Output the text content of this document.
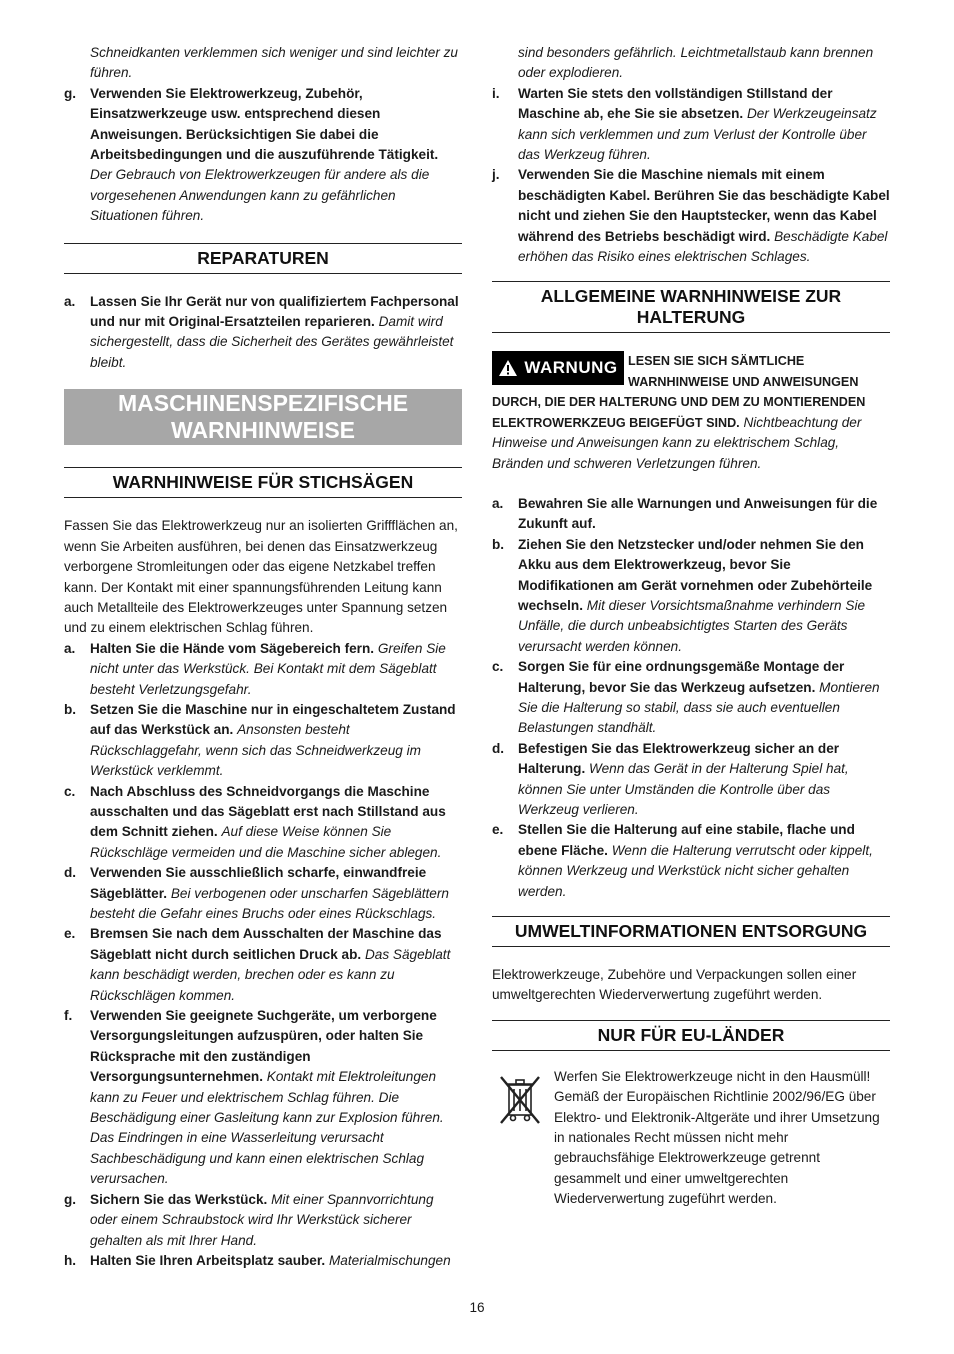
Schneidkanten verklemmen sich weniger und sind leichter zu führen.
g. Verwenden Sie Elektrowerkzeug, Zubehör, Einsatzwerkzeuge usw. entsprechend diesen Anweisungen. Berücksichtigen Sie dabei die Arbeitsbedingungen und die auszuführende Tätigkeit. Der Gebrauch von Elektrowerkzeugen für andere als die vorgesehenen Anwendungen kann zu gefährlichen Situationen führen.
REPARATUREN
a. Lassen Sie Ihr Gerät nur von qualifiziertem Fachpersonal und nur mit Original-Ersatzteilen reparieren. Damit wird sichergestellt, dass die Sicherheit des Gerätes gewährleistet bleibt.
MASCHINENSPEZIFISCHE
WARNHINWEISE
WARNHINWEISE FÜR STICHSÄGEN
Fassen Sie das Elektrowerkzeug nur an isolierten Griffflächen an, wenn Sie Arbeiten ausführen, bei denen das Einsatzwerkzeug verborgene Stromleitungen oder das eigene Netzkabel treffen kann. Der Kontakt mit einer spannungsführenden Leitung kann auch Metallteile des Elektrowerkzeuges unter Spannung setzen und zu einem elektrischen Schlag führen.
a. Halten Sie die Hände vom Sägebereich fern. Greifen Sie nicht unter das Werkstück. Bei Kontakt mit dem Sägeblatt besteht Verletzungsgefahr.
b. Setzen Sie die Maschine nur in eingeschaltetem Zustand auf das Werkstück an. Ansonsten besteht Rückschlaggefahr, wenn sich das Schneidwerkzeug im Werkstück verklemmt.
c. Nach Abschluss des Schneidvorgangs die Maschine ausschalten und das Sägeblatt erst nach Stillstand aus dem Schnitt ziehen. Auf diese Weise können Sie Rückschläge vermeiden und die Maschine sicher ablegen.
d. Verwenden Sie ausschließlich scharfe, einwandfreie Sägeblätter. Bei verbogenen oder unscharfen Sägeblättern besteht die Gefahr eines Bruchs oder eines Rückschlags.
e. Bremsen Sie nach dem Ausschalten der Maschine das Sägeblatt nicht durch seitlichen Druck ab. Das Sägeblatt kann beschädigt werden, brechen oder es kann zu Rückschlägen kommen.
f. Verwenden Sie geeignete Suchgeräte, um verborgene Versorgungsleitungen aufzuspüren, oder halten Sie Rücksprache mit den zuständigen Versorgungsunternehmen. Kontakt mit Elektroleitungen kann zu Feuer und elektrischem Schlag führen. Die Beschädigung einer Gasleitung kann zur Explosion führen. Das Eindringen in eine Wasserleitung verursacht Sachbeschädigung und kann einen elektrischen Schlag verursachen.
g. Sichern Sie das Werkstück. Mit einer Spannvorrichtung oder einem Schraubstock wird Ihr Werkstück sicherer gehalten als mit Ihrer Hand.
h. Halten Sie Ihren Arbeitsplatz sauber. Materialmischungen
sind besonders gefährlich. Leichtmetallstaub kann brennen oder explodieren.
i. Warten Sie stets den vollständigen Stillstand der Maschine ab, ehe Sie sie absetzen. Der Werkzeugeinsatz kann sich verklemmen und zum Verlust der Kontrolle über das Werkzeug führen.
j. Verwenden Sie die Maschine niemals mit einem beschädigten Kabel. Berühren Sie das beschädigte Kabel nicht und ziehen Sie den Hauptstecker, wenn das Kabel während des Betriebs beschädigt wird. Beschädigte Kabel erhöhen das Risiko eines elektrischen Schlages.
ALLGEMEINE WARNHINWEISE ZUR
HALTERUNG
WARNUNG LESEN SIE SICH SÄMTLICHE WARNHINWEISE UND ANWEISUNGEN DURCH, DIE DER HALTERUNG UND DEM ZU MONTIERENDEN ELEKTROWERKZEUG BEIGEFÜGT SIND. Nichtbeachtung der Hinweise und Anweisungen kann zu elektrischem Schlag, Bränden und schweren Verletzungen führen.
a. Bewahren Sie alle Warnungen und Anweisungen für die Zukunft auf.
b. Ziehen Sie den Netzstecker und/oder nehmen Sie den Akku aus dem Elektrowerkzeug, bevor Sie Modifikationen am Gerät vornehmen oder Zubehörteile wechseln. Mit dieser Vorsichtsmaßnahme verhindern Sie Unfälle, die durch unbeabsichtigtes Starten des Geräts verursacht werden können.
c. Sorgen Sie für eine ordnungsgemäße Montage der Halterung, bevor Sie das Werkzeug aufsetzen. Montieren Sie die Halterung so stabil, dass sie auch eventuellen Belastungen standhält.
d. Befestigen Sie das Elektrowerkzeug sicher an der Halterung. Wenn das Gerät in der Halterung Spiel hat, können Sie unter Umständen die Kontrolle über das Werkzeug verlieren.
e. Stellen Sie die Halterung auf eine stabile, flache und ebene Fläche. Wenn die Halterung verrutscht oder kippelt, können Werkzeug und Werkstück nicht sicher gehalten werden.
UMWELTINFORMATIONEN ENTSORGUNG
Elektrowerkzeuge, Zubehöre und Verpackungen sollen einer umweltgerechten Wiederverwertung zugeführt werden.
NUR FÜR EU-LÄNDER
Werfen Sie Elektrowerkzeuge nicht in den Hausmüll! Gemäß der Europäischen Richtlinie 2002/96/EG über Elektro- und Elektronik-Altgeräte und ihrer Umsetzung in nationales Recht müssen nicht mehr gebrauchsfähige Elektrowerkzeuge getrennt gesammelt und einer umweltgerechten Wiederverwertung zugeführt werden.
16
